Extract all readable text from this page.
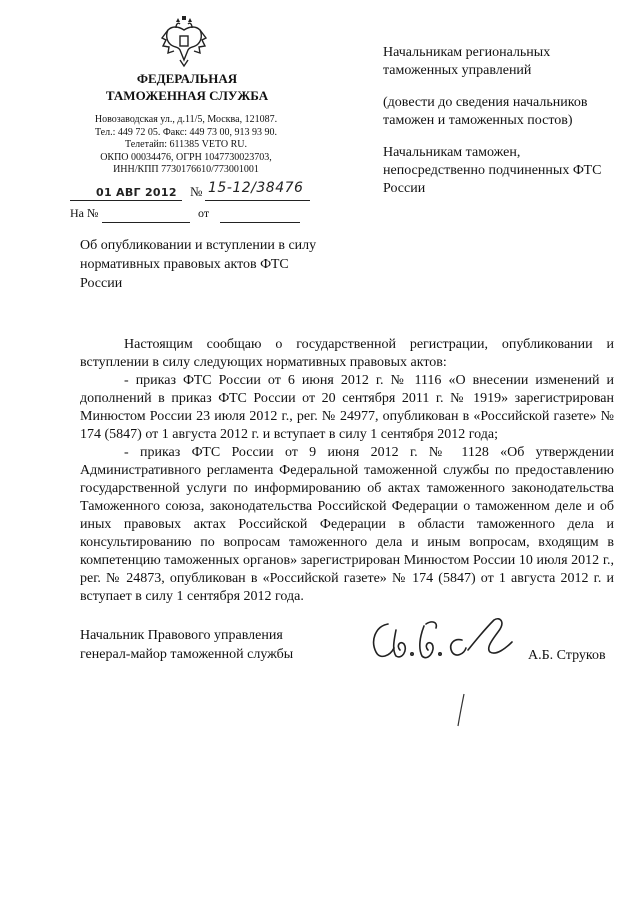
ФЕДЕРАЛЬНАЯ
ТАМОЖЕННАЯ СЛУЖБА
Новозаводская ул., д.11/5, Москва, 121087.
Тел.: 449 72 05. Факс: 449 73 00, 913 93 90.
Телетайп: 611385 VETO RU.
ОКПО 00034476, ОГРН 1047730023703,
ИНН/КПП 7730176610/773001001
01 АВГ 2012 № 15-12/38476
На №	от
Об опубликовании и вступлении в силу нормативных правовых актов ФТС России

Начальникам региональных таможенных управлений

(довести до сведения начальников таможен и таможенных постов)

Начальникам таможен, непосредственно подчиненных ФТС России

Настоящим сообщаю о государственной регистрации, опубликовании и вступлении в силу следующих нормативных правовых актов:

- приказ ФТС России от 6 июня 2012 г. № 1116 «О внесении изменений и дополнений в приказ ФТС России от 20 сентября 2011 г. № 1919» зарегистрирован Минюстом России 23 июля 2012 г., рег. № 24977, опубликован в «Российской газете» № 174 (5847) от 1 августа 2012 г. и вступает в силу 1 сентября 2012 года;

- приказ ФТС России от 9 июня 2012 г. № 1128 «Об утверждении Административного регламента Федеральной таможенной службы по предоставлению государственной услуги по информированию об актах таможенного законодательства Таможенного союза, законодательства Российской Федерации о таможенном деле и об иных правовых актах Российской Федерации в области таможенного дела и консультированию по вопросам таможенного дела и иным вопросам, входящим в компетенцию таможенных органов» зарегистрирован Минюстом России 10 июля 2012 г., рег. № 24873, опубликован в «Российской газете» № 174 (5847) от 1 августа 2012 г. и вступает в силу 1 сентября 2012 года.

Начальник Правового управления
генерал-майор таможенной службы	А.Б. Струков
